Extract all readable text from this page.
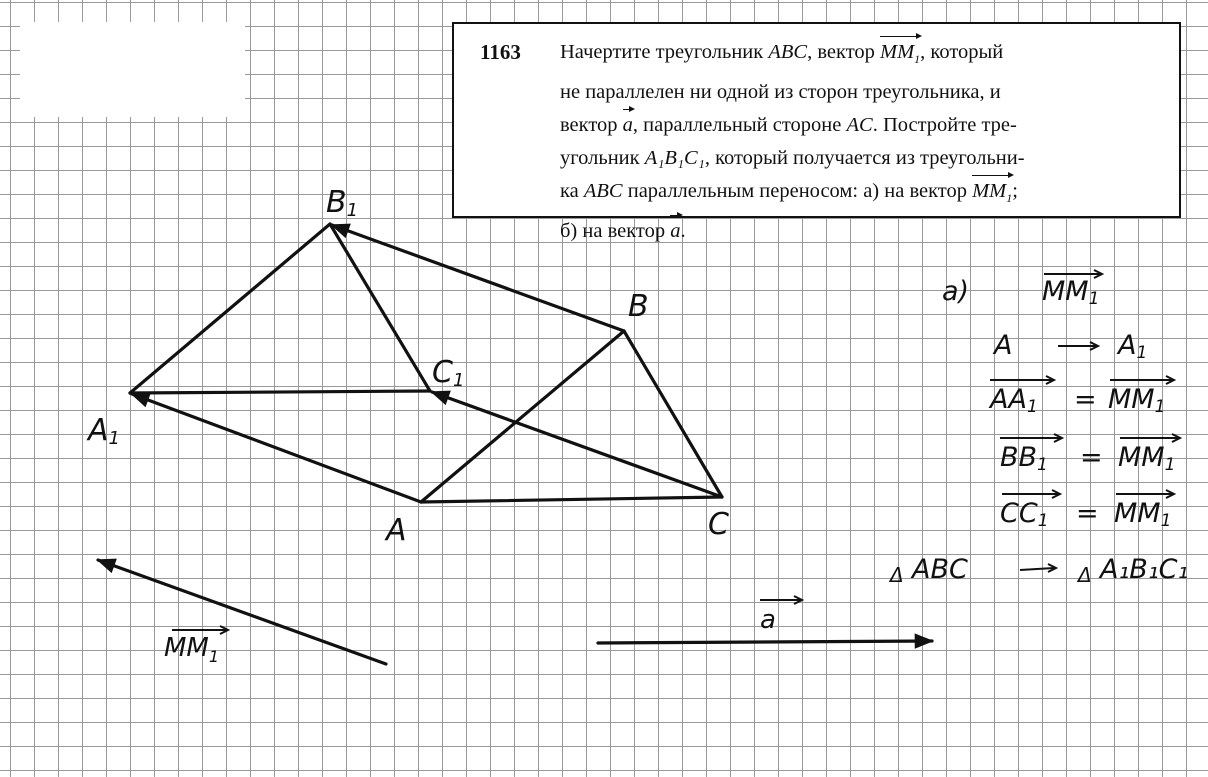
1163	Начертите треугольник ABC, вектор $MM_1$, который
не параллелен ни одной из сторон треугольника, и
вектор a, параллельный стороне AC. Постройте тре-
угольник A₁B₁C₁, который получается из треугольни-
ка ABC параллельным переносом: а) на вектор $MM_1$;
б) на вектор a.
B1
B
C1
A1
A	C
$MM_1$
a
a)	MM1
A	A1
AA1 = MM1
BB1 = MM1
CC1 = MM1
Δ ABC	Δ A₁B₁C₁
